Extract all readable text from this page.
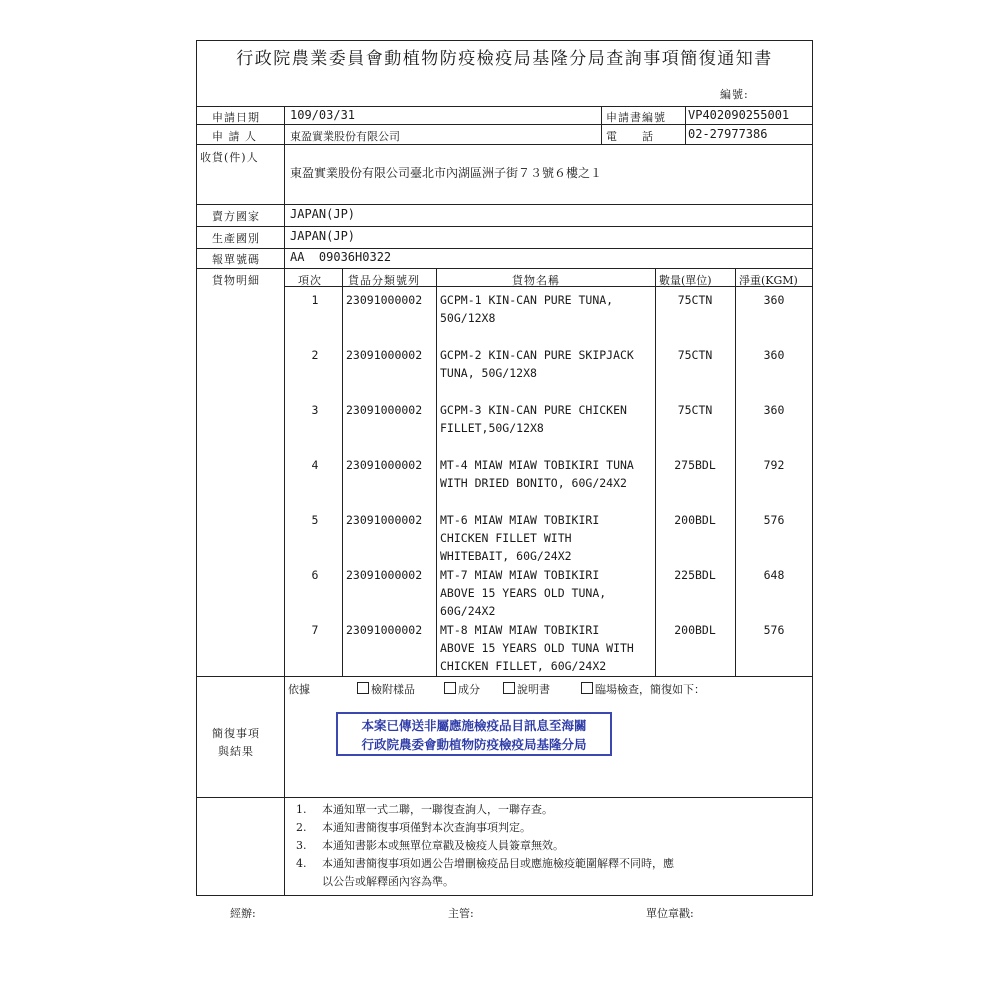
行政院農業委員會動植物防疫檢疫局基隆分局查詢事項簡復通知書
編號:
申請日期	109/03/31	申請書編號 VP402090255001
申 請 人	東盈實業股份有限公司	電　　話	02-27977386
收貨(件)人
東盈實業股份有限公司臺北市內湖區洲子街７３號６樓之１
賣方國家	JAPAN(JP)
生產國別	JAPAN(JP)
報單號碼	AA  09036H0322
貨物明細	項次 貨品分類號列	貨物名稱	數量(單位) 淨重(KGM)
1	23091000002 GCPM-1 KIN-CAN PURE TUNA,
50G/12X8
75CTN	360
2	23091000002 GCPM-2 KIN-CAN PURE SKIPJACK
TUNA, 50G/12X8
75CTN	360
3	23091000002 GCPM-3 KIN-CAN PURE CHICKEN
FILLET,50G/12X8
75CTN	360
4	23091000002 MT-4 MIAW MIAW TOBIKIRI TUNA
WITH DRIED BONITO, 60G/24X2
275BDL	792
5	23091000002 MT-6 MIAW MIAW TOBIKIRI
CHICKEN FILLET WITH
WHITEBAIT, 60G/24X2
200BDL	576
6	23091000002 MT-7 MIAW MIAW TOBIKIRI
ABOVE 15 YEARS OLD TUNA,
60G/24X2
225BDL	648
7	23091000002 MT-8 MIAW MIAW TOBIKIRI
ABOVE 15 YEARS OLD TUNA WITH
CHICKEN FILLET, 60G/24X2
200BDL	576
簡復事項
與結果
依據	檢附樣品	成分	說明書	臨場檢查，簡復如下：
本案已傳送非屬應施檢疫品目訊息至海關
行政院農委會動植物防疫檢疫局基隆分局
1. 本通知單一式二聯，一聯復查詢人，一聯存查。
2. 本通知書簡復事項僅對本次查詢事項判定。
3. 本通知書影本或無單位章戳及檢疫人員簽章無效。
4. 本通知書簡復事項如遇公告增刪檢疫品目或應施檢疫範圍解釋不同時，應
以公告或解釋函內容為準。
經辦:	主管:	單位章戳:
